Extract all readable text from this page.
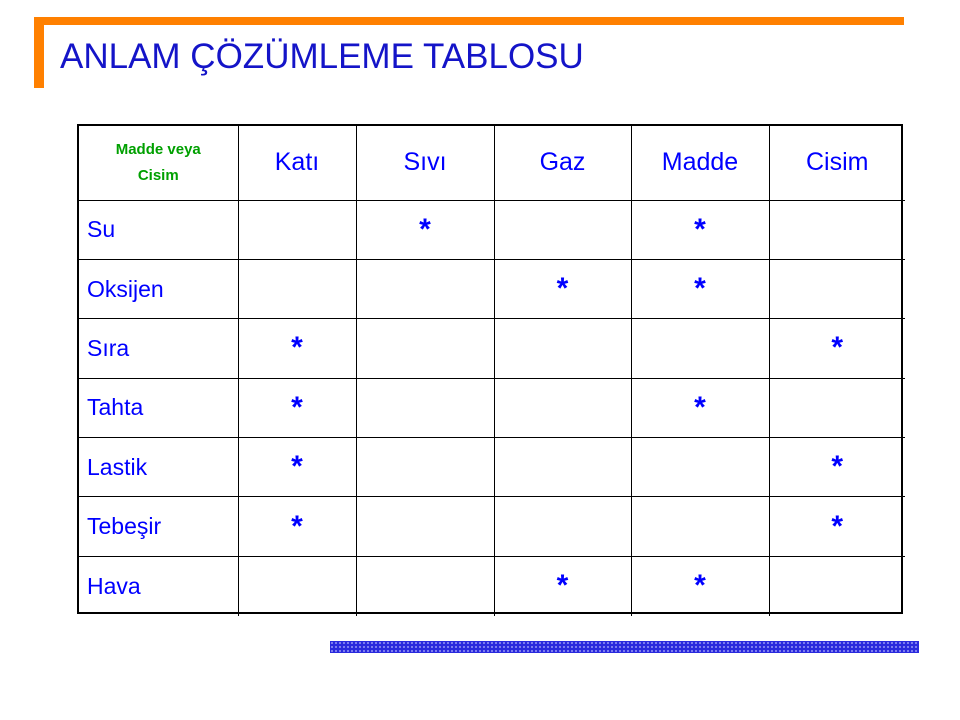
ANLAM ÇÖZÜMLEME TABLOSU
Madde veya
Cisim	Katı	Sıvı	Gaz	Madde	Cisim
Su		*		*	
Oksijen			*	*	
Sıra	*				*
Tahta	*			*	
Lastik	*				*
Tebeşir	*				*
Hava			*	*	
